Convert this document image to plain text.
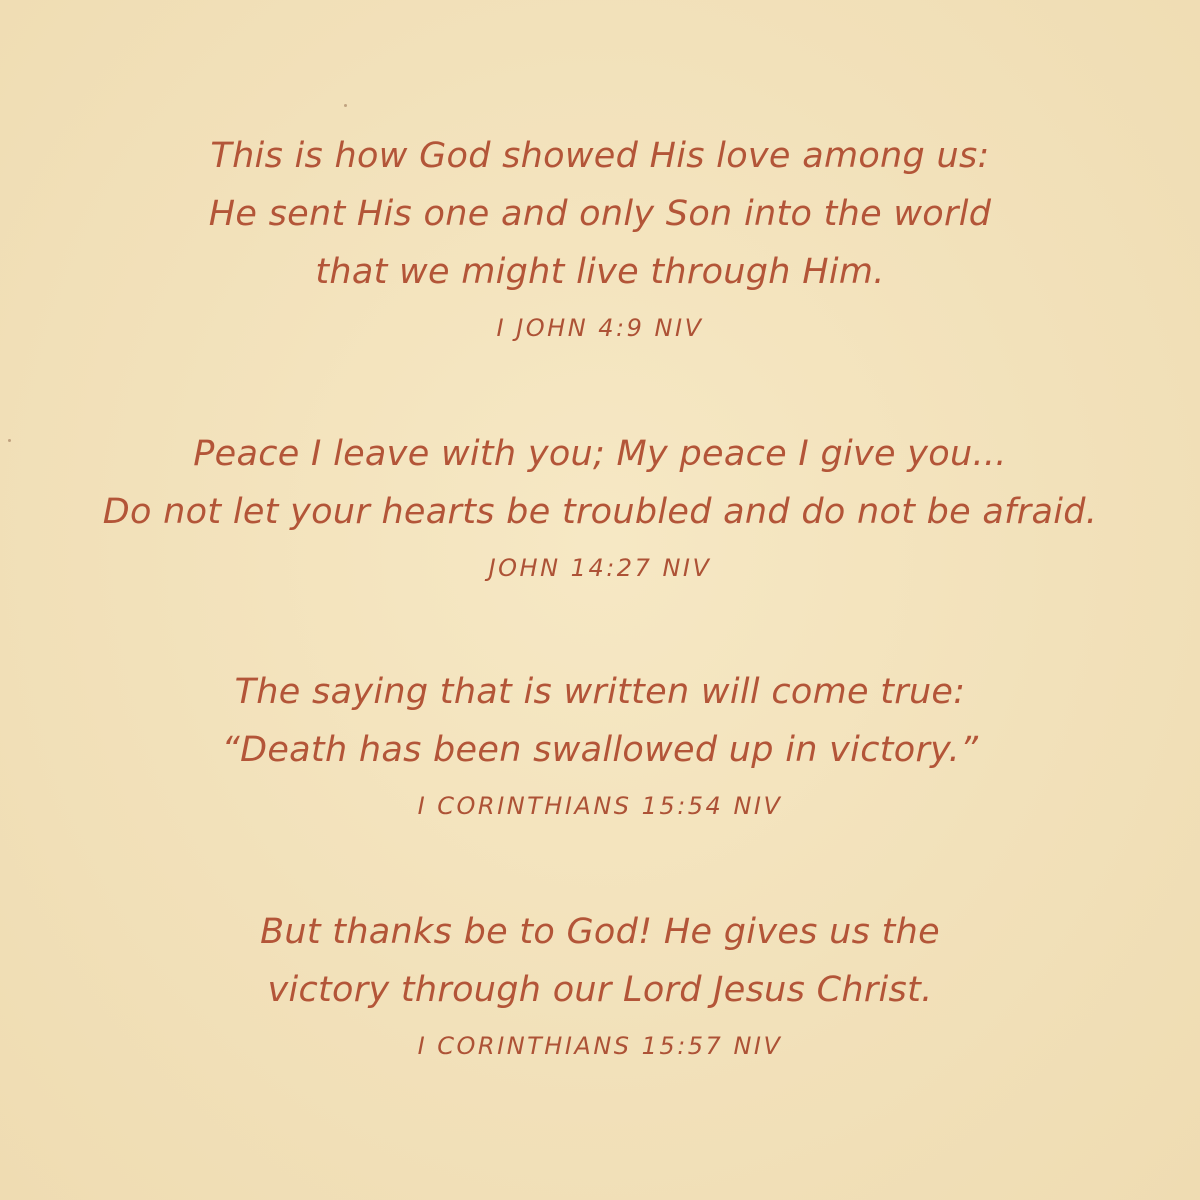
This is how God showed His love among us:
He sent His one and only Son into the world
that we might live through Him.
I JOHN 4:9 NIV
Peace I leave with you; My peace I give you...
Do not let your hearts be troubled and do not be afraid.
JOHN 14:27 NIV
The saying that is written will come true:
“Death has been swallowed up in victory.”
I CORINTHIANS 15:54 NIV
But thanks be to God! He gives us the
victory through our Lord Jesus Christ.
I CORINTHIANS 15:57 NIV
